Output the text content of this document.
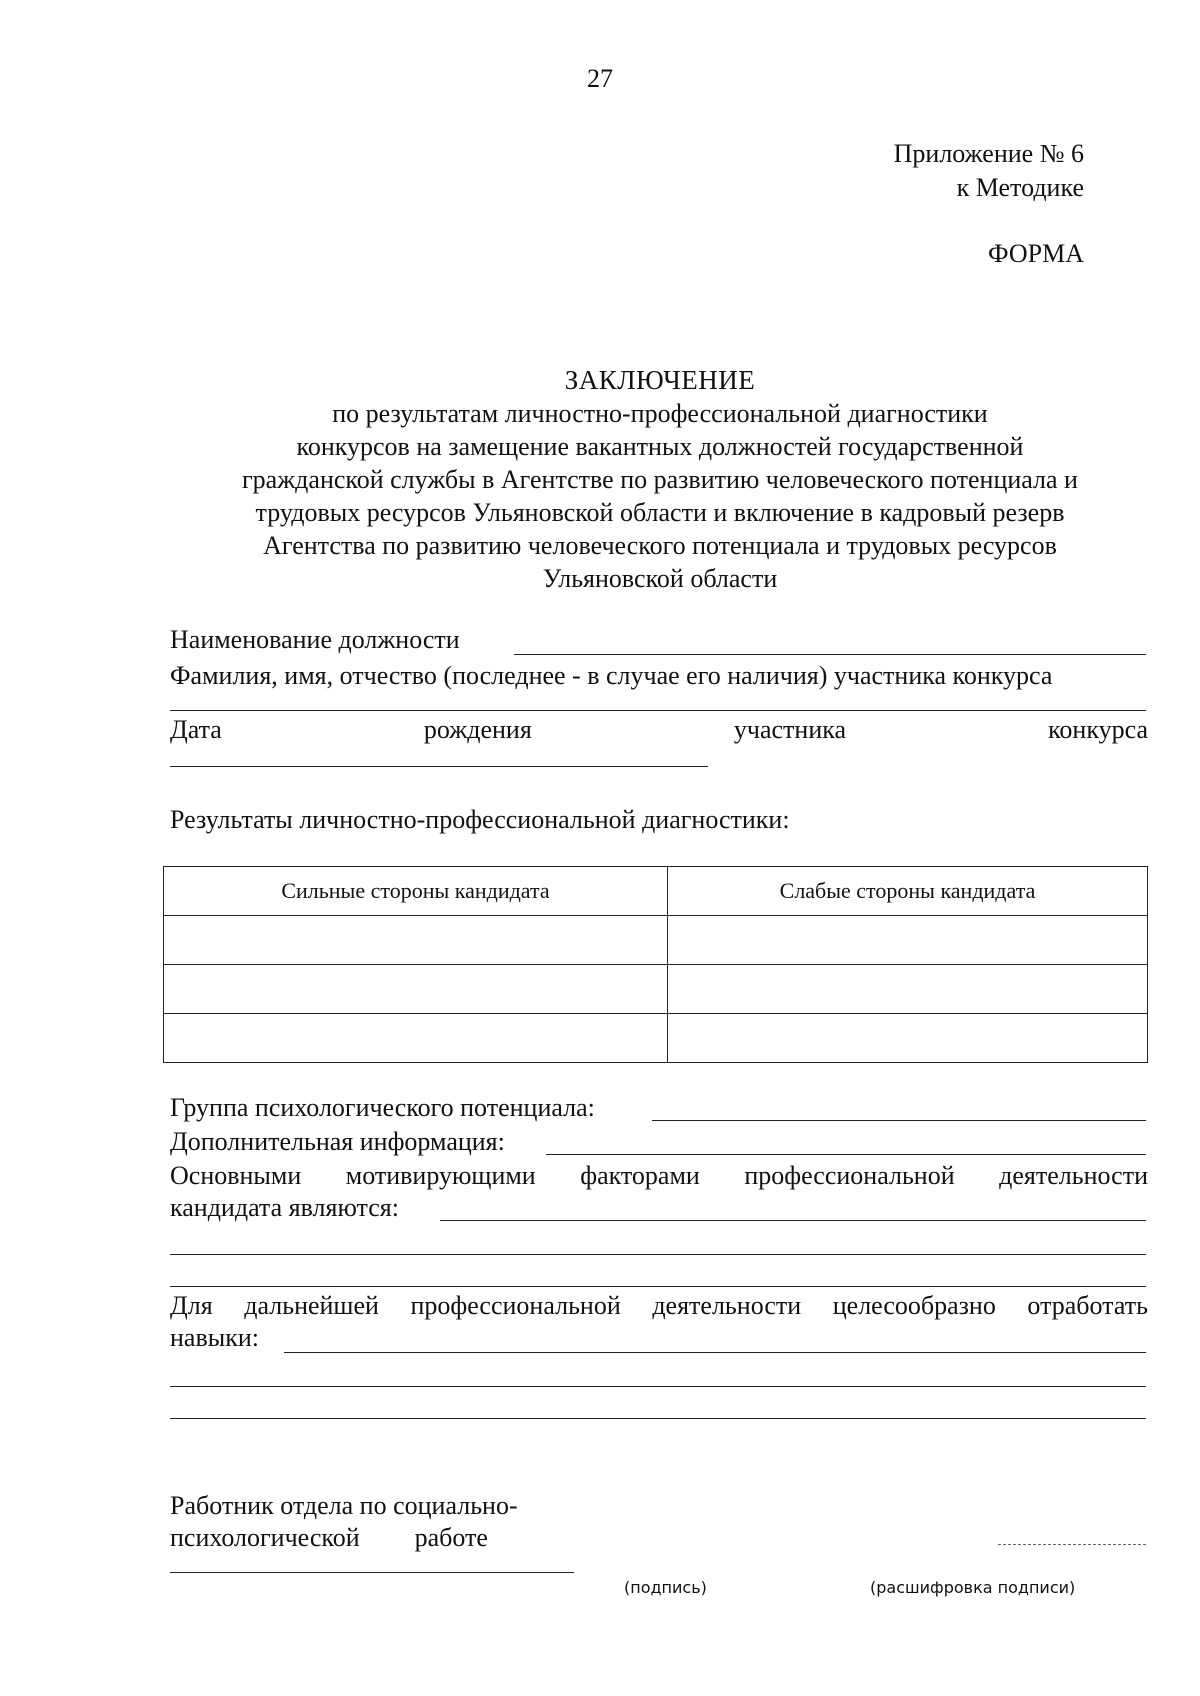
27
Приложение № 6
к Методике
ФОРМА
ЗАКЛЮЧЕНИЕ
по результатам личностно-профессиональной диагностики
конкурсов на замещение вакантных должностей государственной
гражданской службы в Агентстве по развитию человеческого потенциала и
трудовых ресурсов Ульяновской области и включение в кадровый резерв
Агентства по развитию человеческого потенциала и трудовых ресурсов
Ульяновской области
Наименование должности
Фамилия, имя, отчество (последнее - в случае его наличия) участника конкурса
Дата	рождения	участника	конкурса
Результаты личностно-профессиональной диагностики:
Сильные стороны кандидата	Слабые стороны кандидата

Группа психологического потенциала:
Дополнительная информация:
Основными мотивирующими факторами профессиональной деятельности
кандидата являются:
Для дальнейшей профессиональной деятельности целесообразно отработать
навыки:
Работник отдела по социально-
психологической работе
(подпись)	(расшифровка подписи)
